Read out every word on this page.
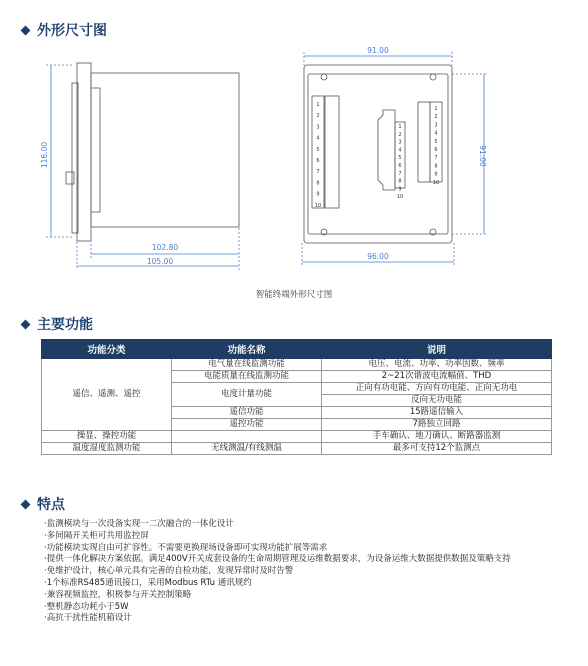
外形尺寸图
116.00
102.80
105.00
91.00
91.00
96.00
1
2
3
4
5
6
7
8
9
10
1
2
3
4
5
6
7
8
9
10
1
2
3
4
5
6
7
8
9
10
智能终端外形尺寸图
主要功能
功能分类	功能名称	说明
遥信、遥测、遥控	电气量在线监测功能	电压、电流、功率、功率因数、频率
	电能质量在线监测功能	2~21次谐波电流幅值、THD
	电度计量功能	正向有功电能、方向有功电能、正向无功电
		反向无功电能
	遥信功能	15路遥信输入
	遥控功能	7路独立回路
操显、操控功能		手车确认、地刀确认、断路器监测
温度湿度监测功能	无线测温/有线测温	最多可支持12个监测点
特点
·监测模块与一次设备实现一二次融合的一体化设计
·多间隔开关柜可共用监控屏
·功能模块实现自由可扩容性。不需要更换现场设备即可实现功能扩展等需求
·提供一体化解决方案依据。满足400V开关成套设备的生命周期管理及运维数据要求，为设备运维大数据提供数据及策略支持
·免维护设计，核心单元具有完善的自检功能，发现异常时及时告警
·1个标准RS485通讯接口，采用Modbus RTu 通讯规约
·兼容视频监控，积极参与开关控制策略
·整机静态功耗小于5W
·高抗干扰性能机箱设计
